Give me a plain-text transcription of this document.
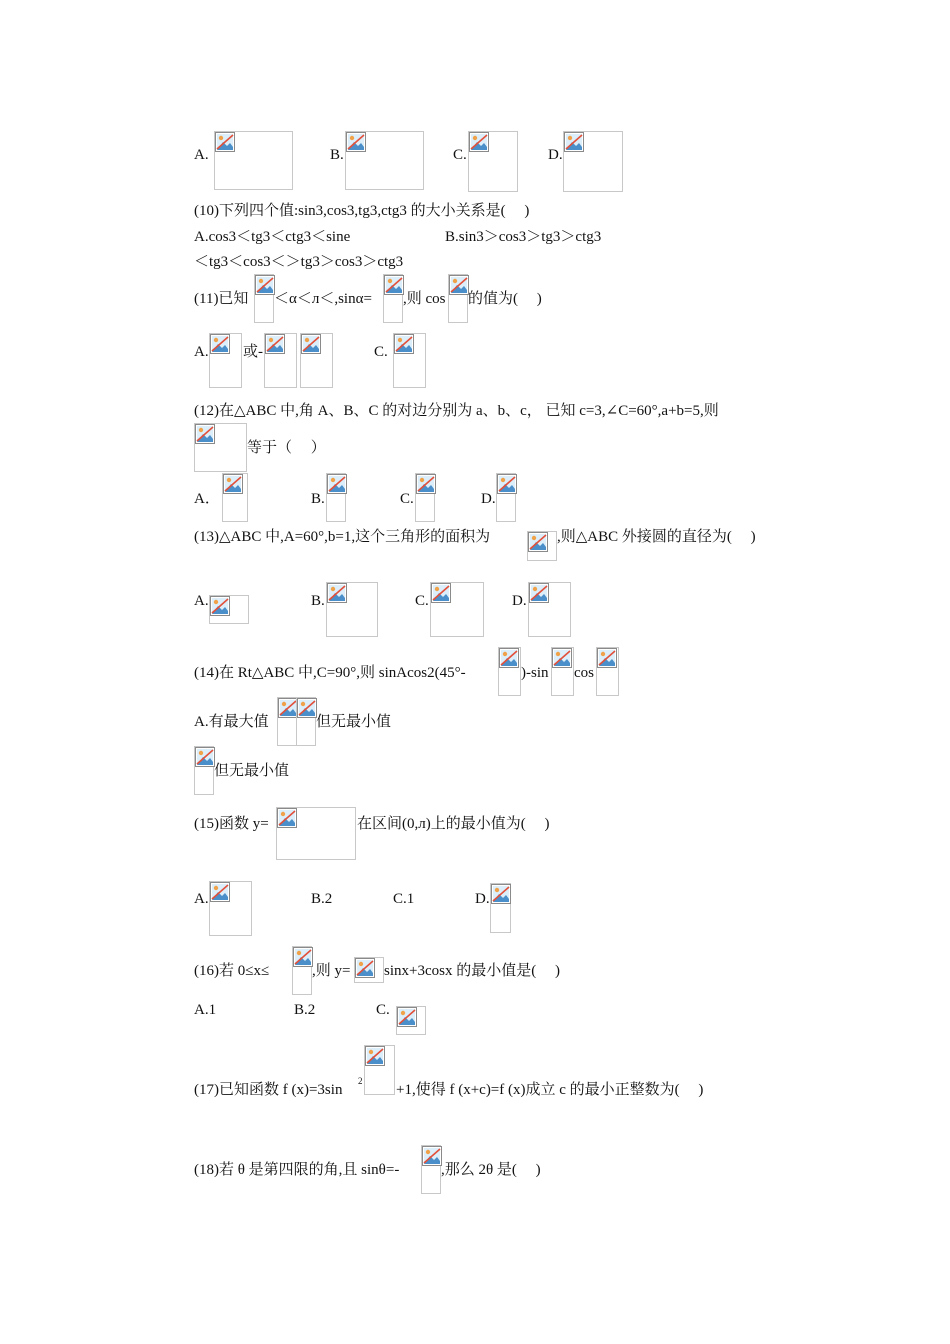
A.	B.	C.	D.
(10)下列四个值:sin3,cos3,tg3,ctg3 的大小关系是(　 )
A.cos3＜tg3＜ctg3＜sine	B.sin3＞cos3＞tg3＞ctg3
＜tg3＜cos3＜＞tg3＞cos3＞ctg3
(11)已知 ＜α＜л＜,sinα= ,则 cos 的值为(　 )
A. 或-	C.
(12)在△ABC 中,角 A、B、C 的对边分别为 a、b、c， 已知 c=3,∠C=60°,a+b=5,则
等于（　 ）
A．	B.	C.	D.
(13)△ABC 中,A=60°,b=1,这个三角形的面积为	,则△ABC 外接圆的直径为(　 )
A.	B.	C.	D.
(14)在 Rt△ABC 中,C=90°,则 sinAcos2(45°-	)-sin cos
A.有最大值	但无最小值
但无最小值
(15)函数 y=	在区间(0,л)上的最小值为(　 )
A.	B.2	C.1	D.
(16)若 0≤x≤	,则 y= sinx+3cosx 的最小值是(　 )
A.1	B.2	C.
(17)已知函数 f (x)=3sin
2
+1,使得 f (x+c)=f (x)成立 c 的最小正整数为(　 )
(18)若 θ 是第四限的角,且 sinθ=-	,那么 2θ 是(　 )
